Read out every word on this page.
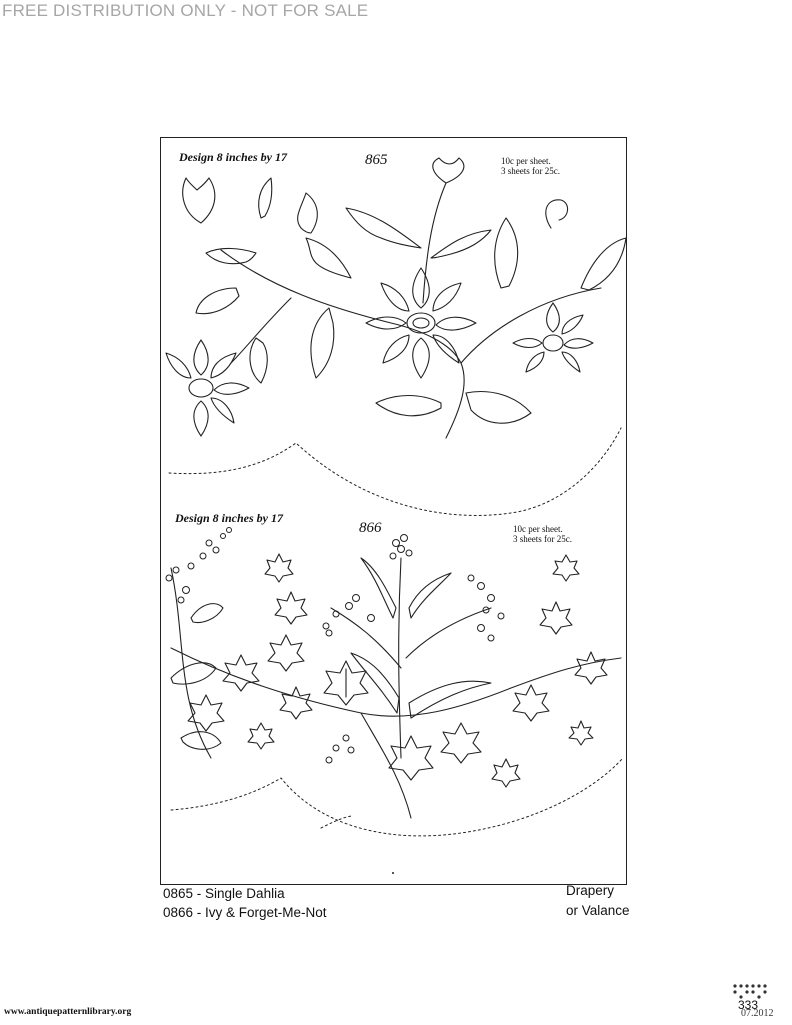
FREE DISTRIBUTION ONLY - NOT FOR SALE
Design 8 inches by 17	865	10c per sheet.
3 sheets for 25c.
Design 8 inches by 17
866	10c per sheet.
3 sheets for 25c.
0865 - Single Dahlia
0866 - Ivy & Forget-Me-Not
Drapery
or Valance
www.antiquepatternlibrary.org	333
07.2012
